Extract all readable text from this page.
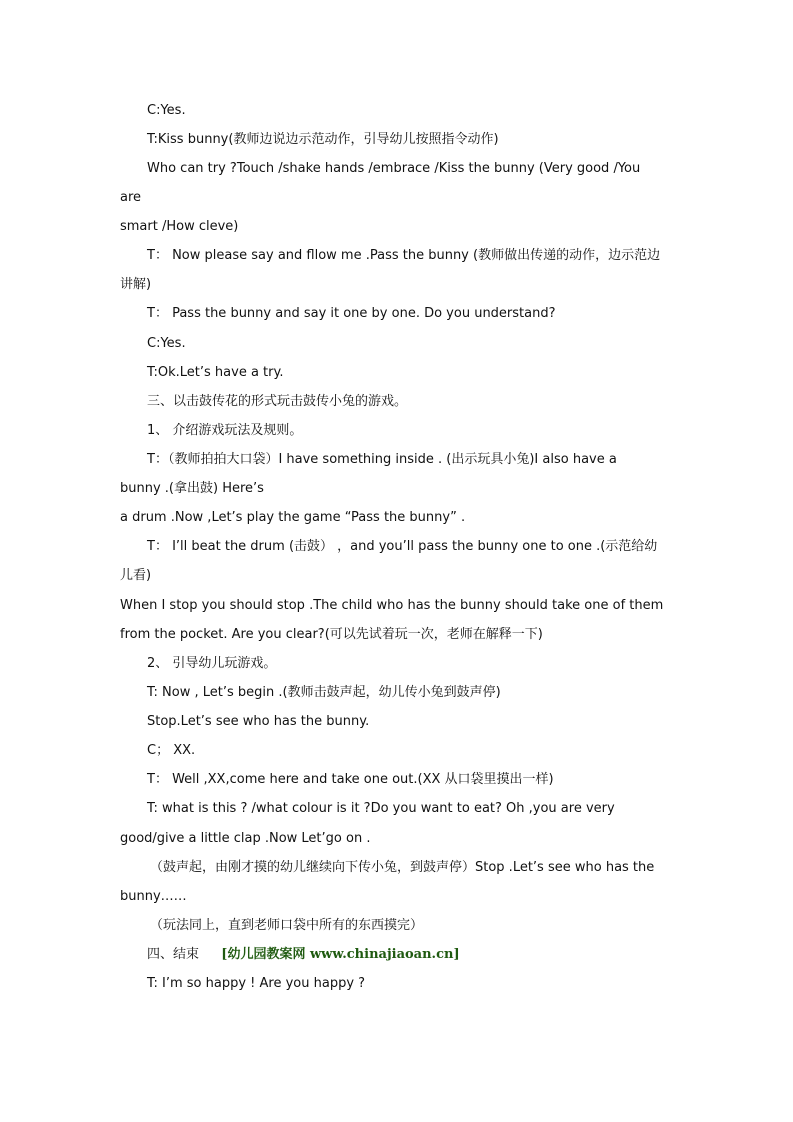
C:Yes.
T:Kiss bunny(教师边说边示范动作，引导幼儿按照指令动作)
Who can try ?Touch /shake hands /embrace /Kiss the bunny (Very good /You
are
smart /How cleve)
T： Now please say and fllow me .Pass the bunny (教师做出传递的动作，边示范边
讲解)
T： Pass the bunny and say it one by one. Do you understand?
C:Yes.
T:Ok.Let’s have a try.
三、以击鼓传花的形式玩击鼓传小兔的游戏。
1、 介绍游戏玩法及规则。
T：（教师拍拍大口袋）I have something inside . (出示玩具小兔)I also have a
bunny .(拿出鼓) Here’s
a drum .Now ,Let’s play the game “Pass the bunny” .
T： I’ll beat the drum (击鼓） ，and you’ll pass the bunny one to one .(示范给幼
儿看)
When I stop you should stop .The child who has the bunny should take one of them
from the pocket. Are you clear?(可以先试着玩一次，老师在解释一下)
2、 引导幼儿玩游戏。
T: Now , Let’s begin .(教师击鼓声起，幼儿传小兔到鼓声停)
Stop.Let’s see who has the bunny.
C； XX.
T： Well ,XX,come here and take one out.(XX 从口袋里摸出一样)
T: what is this ? /what colour is it ?Do you want to eat? Oh ,you are very
good/give a little clap .Now Let’go on .
（鼓声起，由刚才摸的幼儿继续向下传小兔，到鼓声停）Stop .Let’s see who has the
bunny……
（玩法同上，直到老师口袋中所有的东西摸完）
四、结束 [幼儿园教案网 www.chinajiaoan.cn]
T: I’m so happy ! Are you happy ?
